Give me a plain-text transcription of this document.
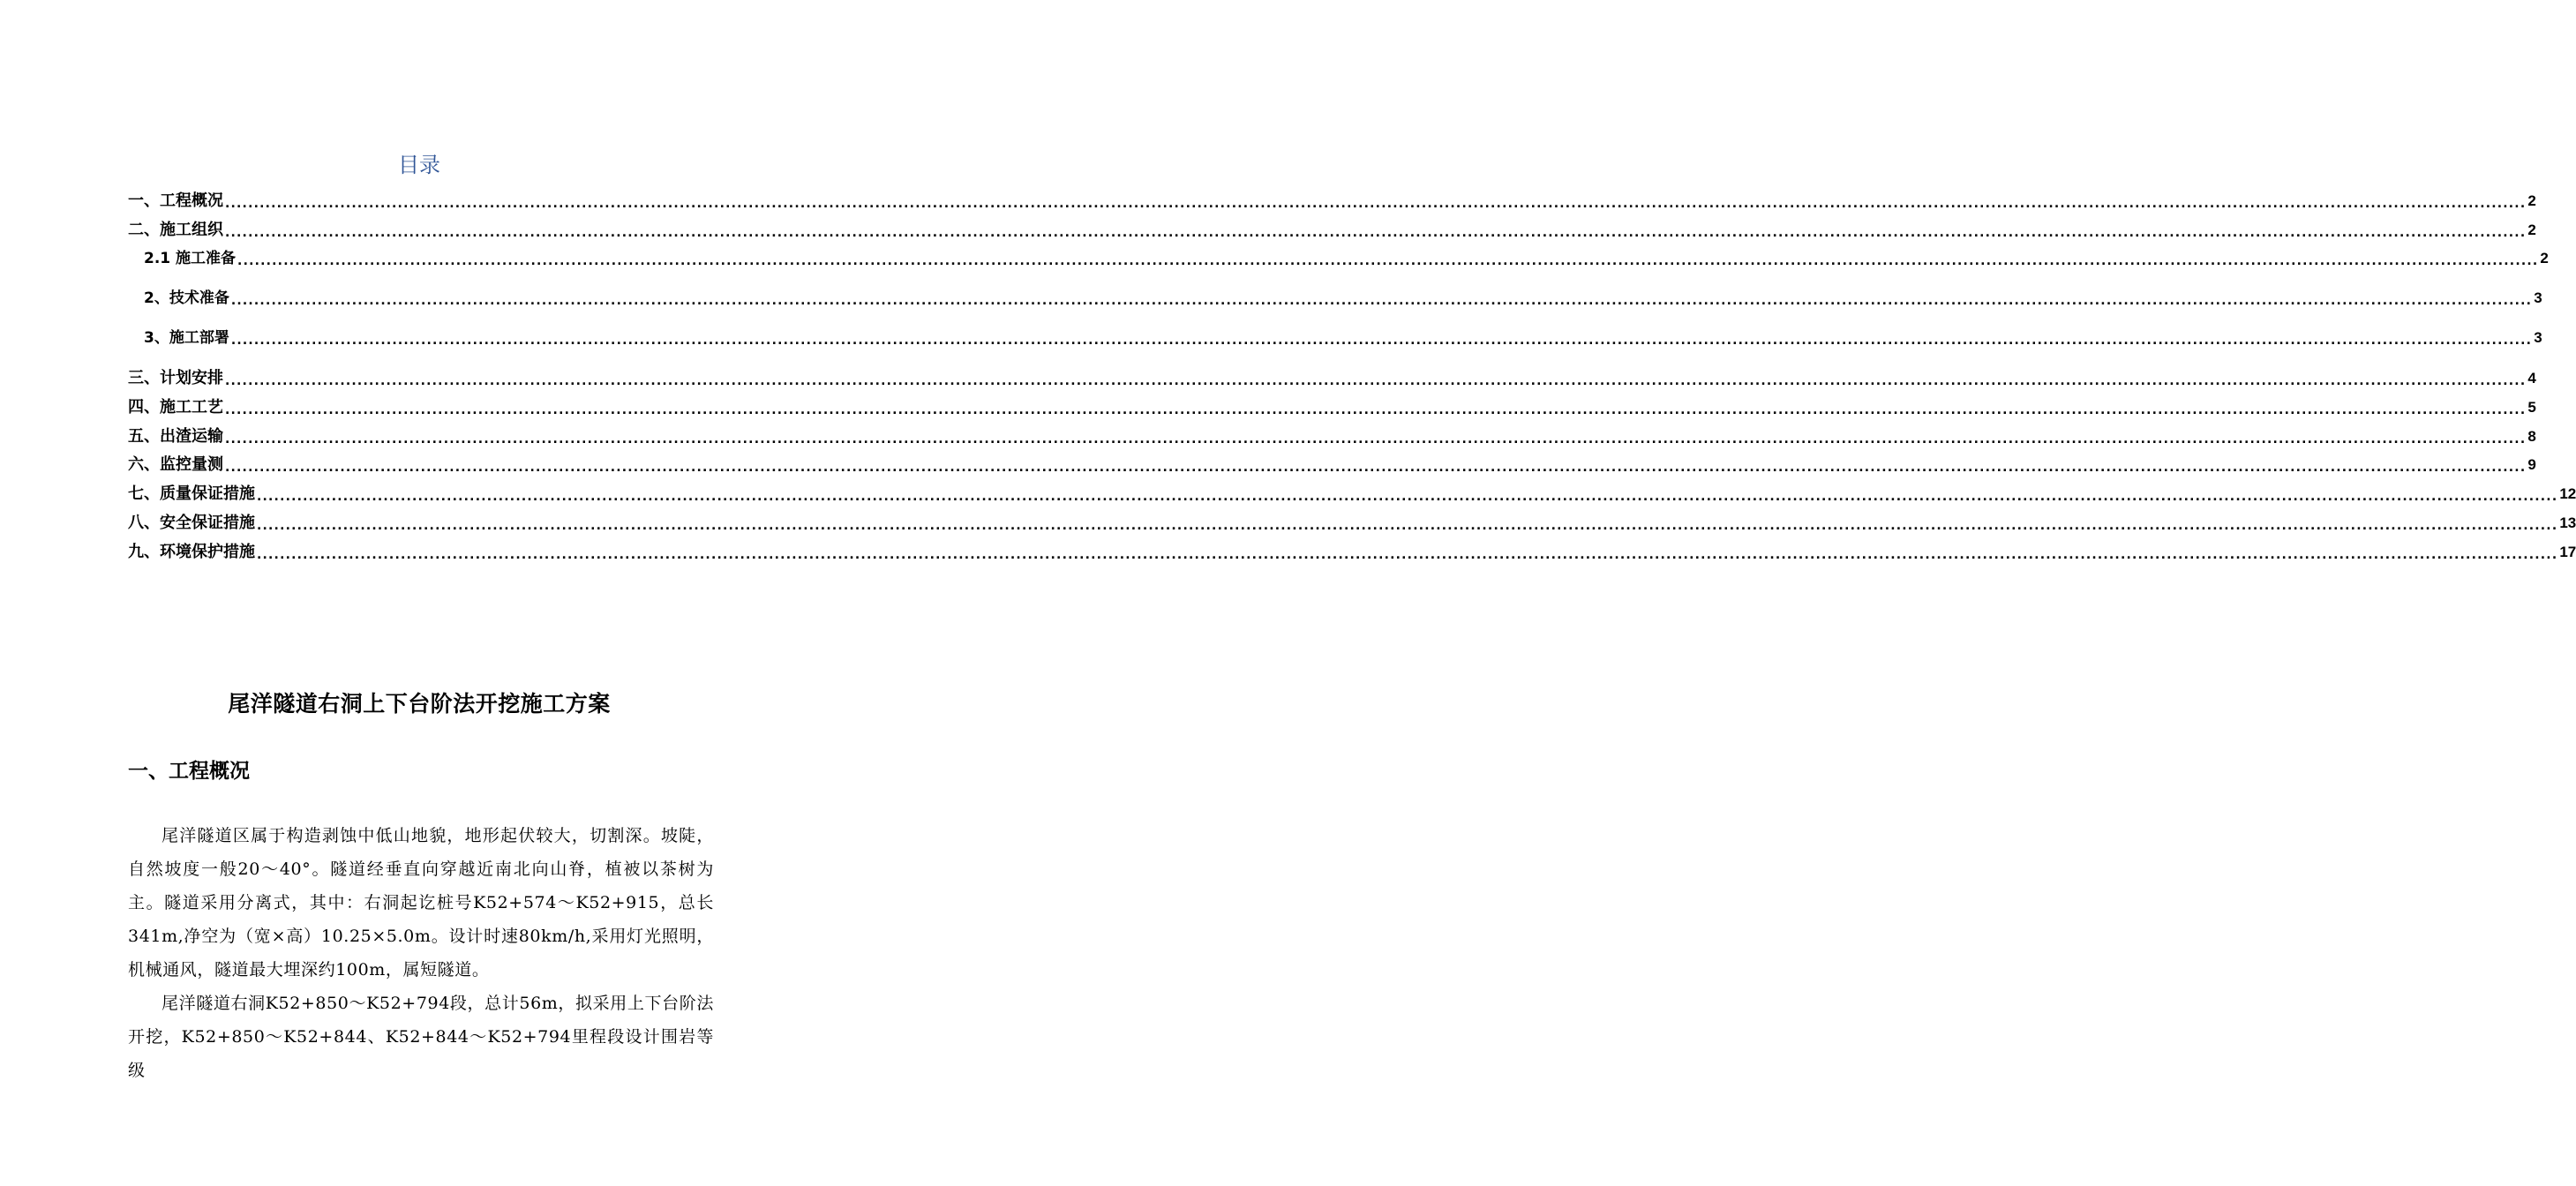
目录
一、工程概况 ................................................................................................................................................................................................................................................................................................................................................................................................................ 2
二、施工组织 ................................................................................................................................................................................................................................................................................................................................................................................................................ 2
2.1 施工准备 ................................................................................................................................................................................................................................................................................................................................................................................................................ 2
2、技术准备 ................................................................................................................................................................................................................................................................................................................................................................................................................ 3
3、施工部署 ................................................................................................................................................................................................................................................................................................................................................................................................................ 3
三、计划安排 ................................................................................................................................................................................................................................................................................................................................................................................................................ 4
四、施工工艺 ................................................................................................................................................................................................................................................................................................................................................................................................................ 5
五、出渣运输 ................................................................................................................................................................................................................................................................................................................................................................................................................ 8
六、监控量测 ................................................................................................................................................................................................................................................................................................................................................................................................................ 9
七、质量保证措施 ................................................................................................................................................................................................................................................................................................................................................................................................................ 12
八、安全保证措施 ................................................................................................................................................................................................................................................................................................................................................................................................................ 13
九、环境保护措施 ................................................................................................................................................................................................................................................................................................................................................................................................................ 17
尾洋隧道右洞上下台阶法开挖施工方案
一、工程概况

尾洋隧道区属于构造剥蚀中低山地貌，地形起伏较大，切割深。坡陡，自然坡度一般20～40°。隧道经垂直向穿越近南北向山脊，植被以茶树为主。隧道采用分离式，其中：右洞起讫桩号K52+574～K52+915，总长341m,净空为（宽×高）10.25×5.0m。设计时速80km/h,采用灯光照明，机械通风，隧道最大埋深约100m，属短隧道。

尾洋隧道右洞K52+850～K52+794段，总计56m，拟采用上下台阶法开挖，K52+850～K52+844、K52+844～K52+794里程段设计围岩等级
